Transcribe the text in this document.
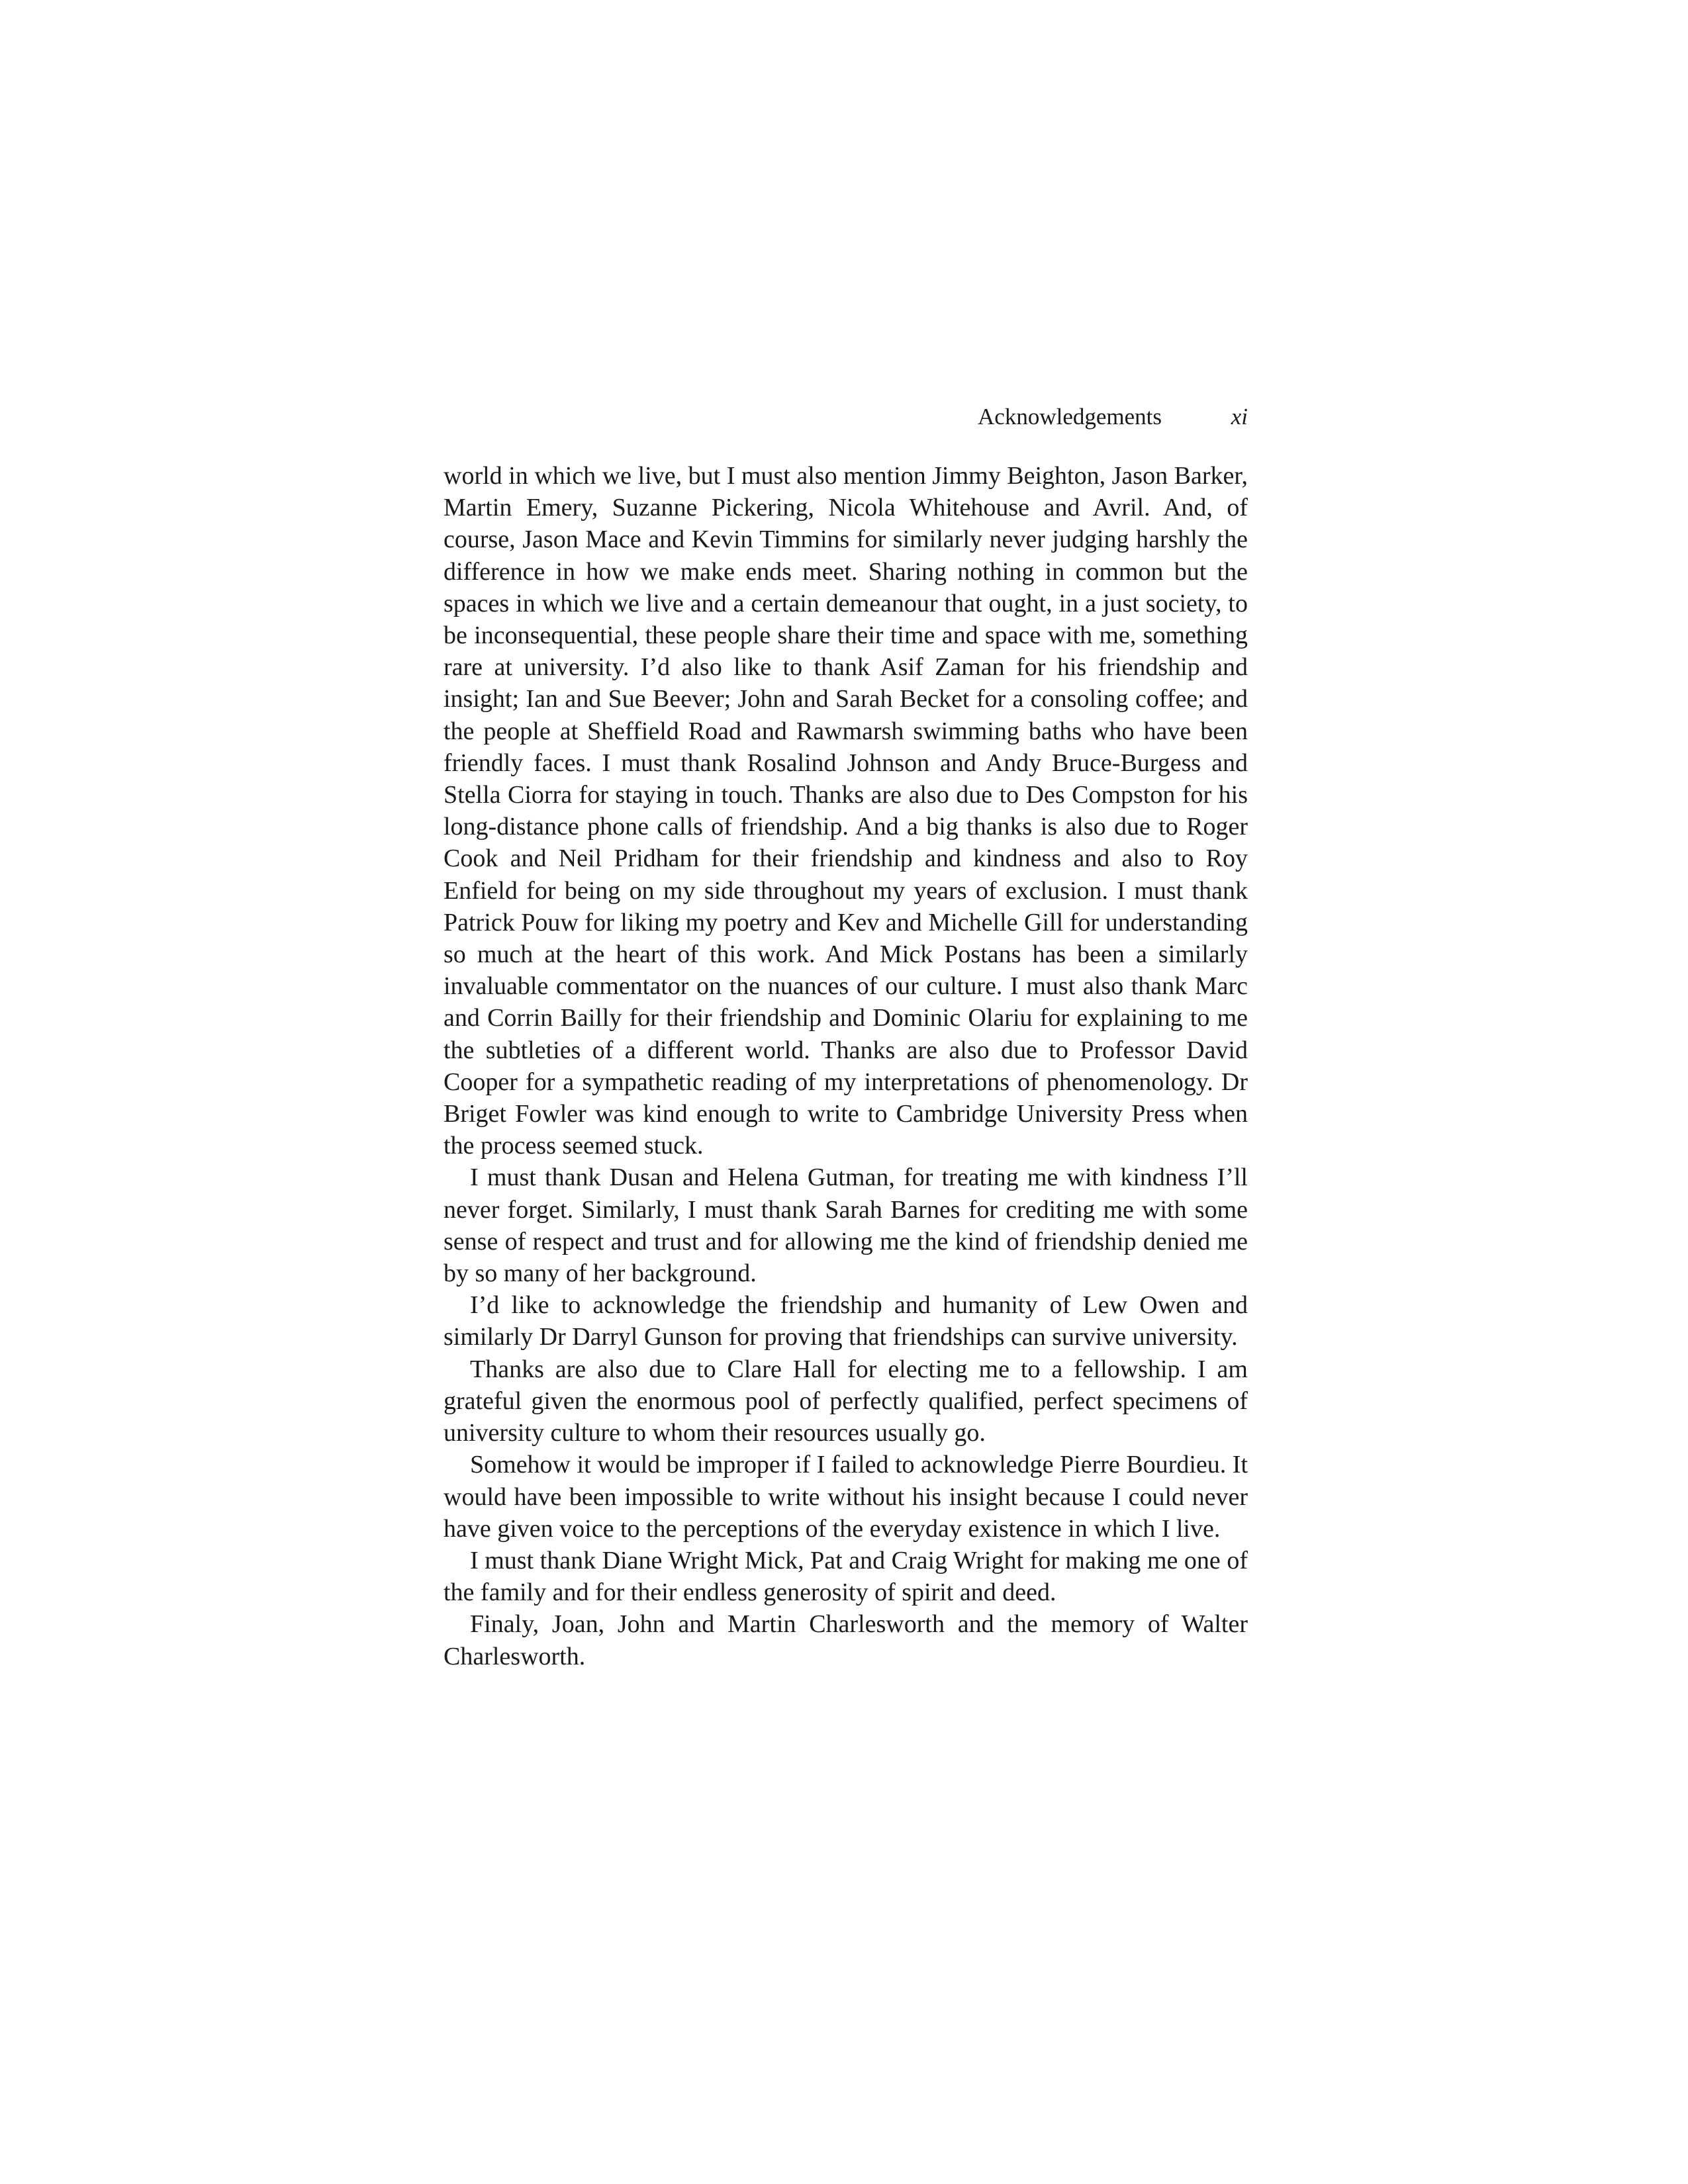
Acknowledgements	xi

world in which we live, but I must also mention Jimmy Beighton, Jason Barker, Martin Emery, Suzanne Pickering, Nicola Whitehouse and Avril. And, of course, Jason Mace and Kevin Timmins for similarly never judging harshly the difference in how we make ends meet. Sharing nothing in common but the spaces in which we live and a certain demeanour that ought, in a just society, to be inconsequential, these people share their time and space with me, something rare at university. I’d also like to thank Asif Zaman for his friendship and insight; Ian and Sue Beever; John and Sarah Becket for a consoling coffee; and the people at Sheffield Road and Rawmarsh swimming baths who have been friendly faces. I must thank Rosalind Johnson and Andy Bruce-Burgess and Stella Ciorra for staying in touch. Thanks are also due to Des Compston for his long-distance phone calls of friendship. And a big thanks is also due to Roger Cook and Neil Pridham for their friendship and kindness and also to Roy Enfield for being on my side throughout my years of exclusion. I must thank Patrick Pouw for liking my poetry and Kev and Michelle Gill for understanding so much at the heart of this work. And Mick Postans has been a similarly invaluable commentator on the nuances of our culture. I must also thank Marc and Corrin Bailly for their friendship and Dominic Olariu for explaining to me the subtleties of a different world. Thanks are also due to Professor David Cooper for a sympathetic reading of my interpretations of phenomenology. Dr Briget Fowler was kind enough to write to Cambridge University Press when the process seemed stuck.

I must thank Dusan and Helena Gutman, for treating me with kindness I’ll never forget. Similarly, I must thank Sarah Barnes for crediting me with some sense of respect and trust and for allowing me the kind of friendship denied me by so many of her background.

I’d like to acknowledge the friendship and humanity of Lew Owen and similarly Dr Darryl Gunson for proving that friendships can survive university.

Thanks are also due to Clare Hall for electing me to a fellowship. I am grateful given the enormous pool of perfectly qualified, perfect specimens of university culture to whom their resources usually go.

Somehow it would be improper if I failed to acknowledge Pierre Bourdieu. It would have been impossible to write without his insight because I could never have given voice to the perceptions of the everyday existence in which I live.

I must thank Diane Wright Mick, Pat and Craig Wright for making me one of the family and for their endless generosity of spirit and deed.

Finaly, Joan, John and Martin Charlesworth and the memory of Walter Charlesworth.
